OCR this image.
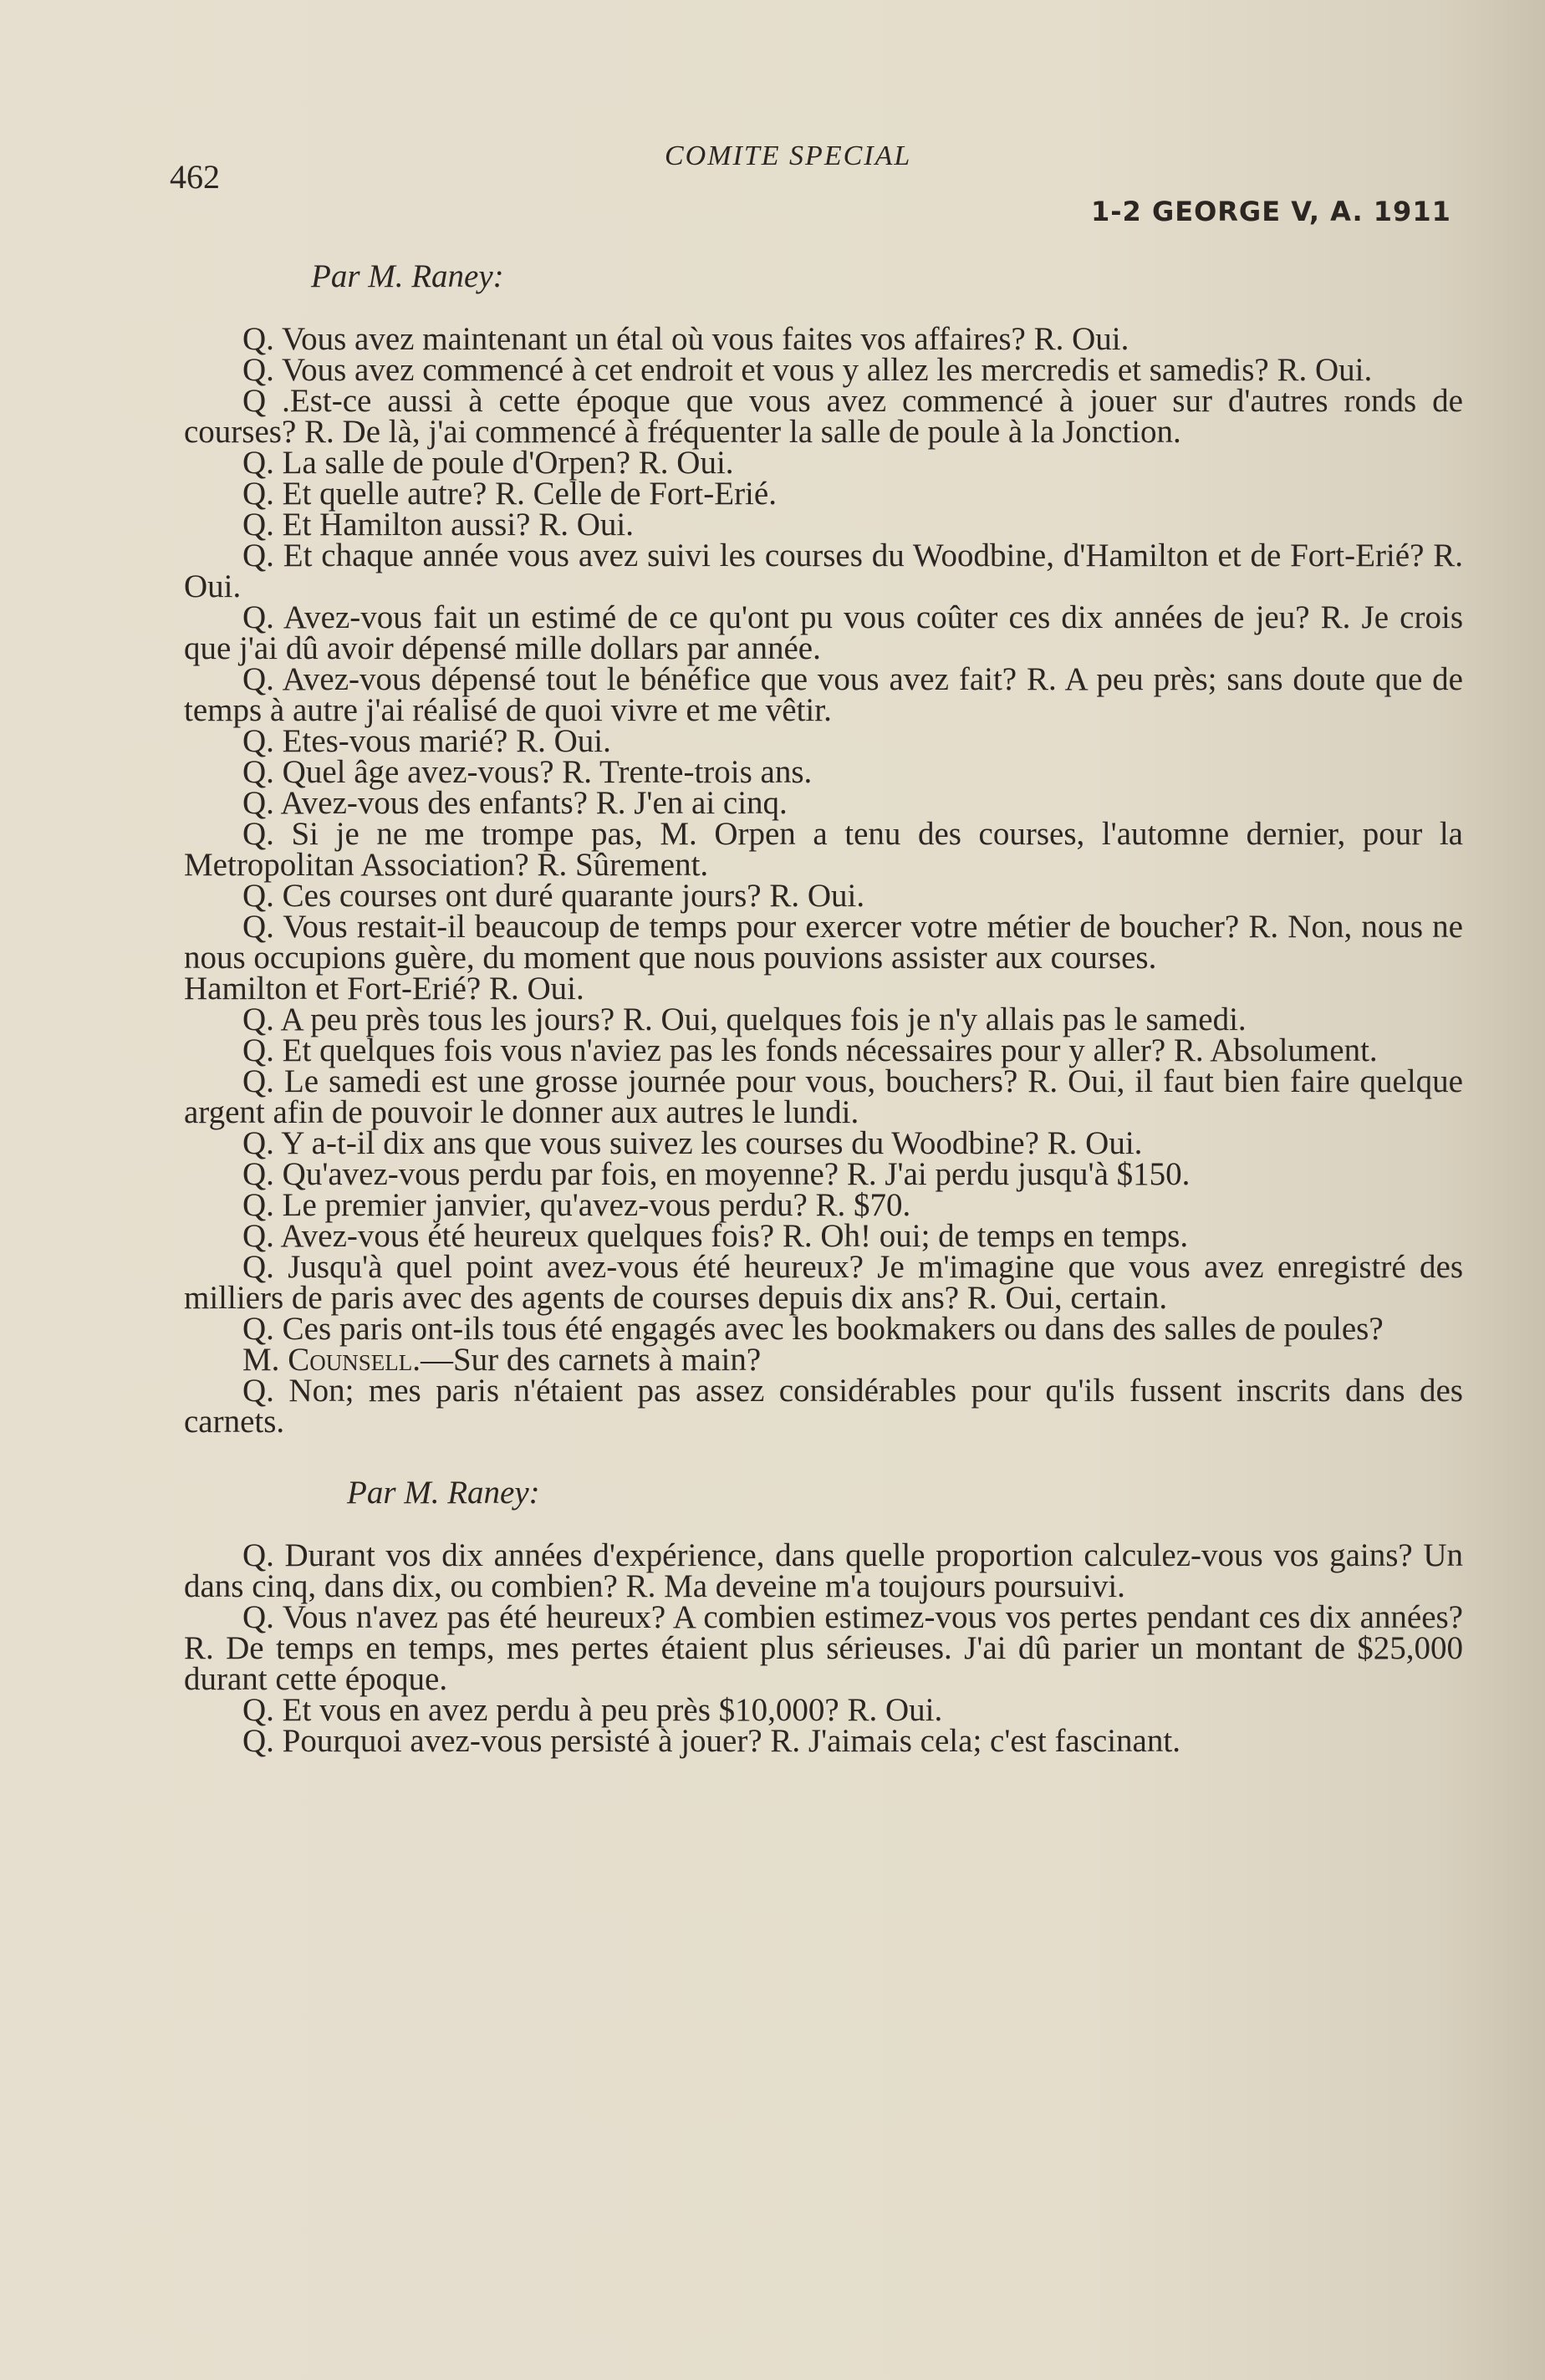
462
COMITE SPECIAL
1-2 GEORGE V, A. 1911
Par M. Raney:

Q. Vous avez maintenant un étal où vous faites vos affaires? R. Oui.

Q. Vous avez commencé à cet endroit et vous y allez les mercredis et samedis? R. Oui.

Q .Est-ce aussi à cette époque que vous avez commencé à jouer sur d'autres ronds de courses? R. De là, j'ai commencé à fréquenter la salle de poule à la Jonction.

Q. La salle de poule d'Orpen? R. Oui.

Q. Et quelle autre? R. Celle de Fort-Erié.

Q. Et Hamilton aussi? R. Oui.

Q. Et chaque année vous avez suivi les courses du Woodbine, d'Hamilton et de Fort-Erié? R. Oui.

Q. Avez-vous fait un estimé de ce qu'ont pu vous coûter ces dix années de jeu? R. Je crois que j'ai dû avoir dépensé mille dollars par année.

Q. Avez-vous dépensé tout le bénéfice que vous avez fait? R. A peu près; sans doute que de temps à autre j'ai réalisé de quoi vivre et me vêtir.

Q. Etes-vous marié? R. Oui.

Q. Quel âge avez-vous? R. Trente-trois ans.

Q. Avez-vous des enfants? R. J'en ai cinq.

Q. Si je ne me trompe pas, M. Orpen a tenu des courses, l'automne dernier, pour la Metropolitan Association? R. Sûrement.

Q. Ces courses ont duré quarante jours? R. Oui.

Q. Vous restait-il beaucoup de temps pour exercer votre métier de boucher? R. Non, nous ne nous occupions guère, du moment que nous pouvions assister aux courses.

Hamilton et Fort-Erié? R. Oui.

Q. A peu près tous les jours? R. Oui, quelques fois je n'y allais pas le samedi.

Q. Et quelques fois vous n'aviez pas les fonds nécessaires pour y aller? R. Absolument.

Q. Le samedi est une grosse journée pour vous, bouchers? R. Oui, il faut bien faire quelque argent afin de pouvoir le donner aux autres le lundi.

Q. Y a-t-il dix ans que vous suivez les courses du Woodbine? R. Oui.

Q. Qu'avez-vous perdu par fois, en moyenne? R. J'ai perdu jusqu'à $150.

Q. Le premier janvier, qu'avez-vous perdu? R. $70.

Q. Avez-vous été heureux quelques fois? R. Oh! oui; de temps en temps.

Q. Jusqu'à quel point avez-vous été heureux? Je m'imagine que vous avez enregistré des milliers de paris avec des agents de courses depuis dix ans? R. Oui, certain.

Q. Ces paris ont-ils tous été engagés avec les bookmakers ou dans des salles de poules?

M. Counsell.—Sur des carnets à main?

Q. Non; mes paris n'étaient pas assez considérables pour qu'ils fussent inscrits dans des carnets.

Par M. Raney:

Q. Durant vos dix années d'expérience, dans quelle proportion calculez-vous vos gains? Un dans cinq, dans dix, ou combien? R. Ma deveine m'a toujours poursuivi.

Q. Vous n'avez pas été heureux? A combien estimez-vous vos pertes pendant ces dix années? R. De temps en temps, mes pertes étaient plus sérieuses. J'ai dû parier un montant de $25,000 durant cette époque.

Q. Et vous en avez perdu à peu près $10,000? R. Oui.

Q. Pourquoi avez-vous persisté à jouer? R. J'aimais cela; c'est fascinant.
